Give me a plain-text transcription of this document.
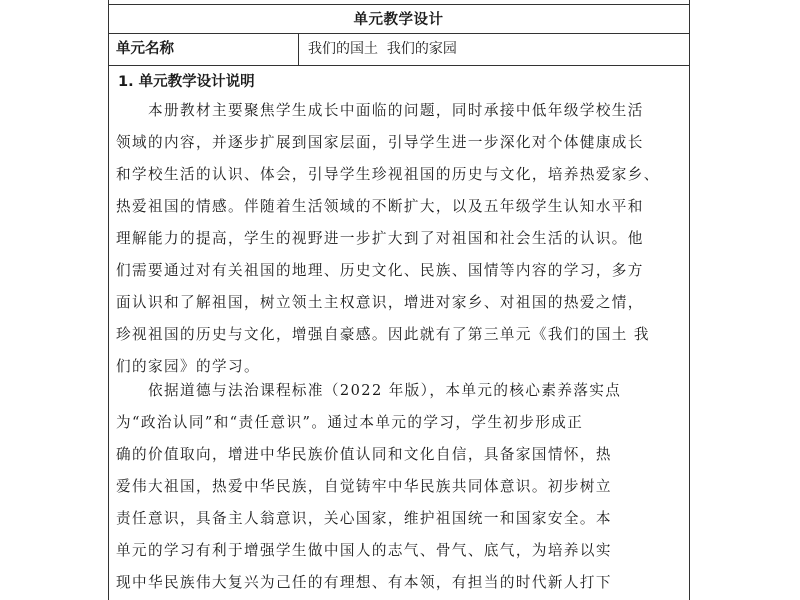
单元教学设计
单元名称	我们的国土  我们的家园
1. 单元教学设计说明
　　本册教材主要聚焦学生成长中面临的问题，同时承接中低年级学校生活
领域的内容，并逐步扩展到国家层面，引导学生进一步深化对个体健康成长
和学校生活的认识、体会，引导学生珍视祖国的历史与文化，培养热爱家乡、
热爱祖国的情感。伴随着生活领域的不断扩大，以及五年级学生认知水平和
理解能力的提高，学生的视野进一步扩大到了对祖国和社会生活的认识。他
们需要通过对有关祖国的地理、历史文化、民族、国情等内容的学习，多方
面认识和了解祖国，树立领土主权意识，增进对家乡、对祖国的热爱之情，
珍视祖国的历史与文化，增强自豪感。因此就有了第三单元《我们的国土 我
们的家园》的学习。
　　依据道德与法治课程标准（2022 年版），本单元的核心素养落实点
为“政治认同”和“责任意识”。通过本单元的学习，学生初步形成正
确的价值取向，增进中华民族价值认同和文化自信，具备家国情怀，热
爱伟大祖国，热爱中华民族，自觉铸牢中华民族共同体意识。初步树立
责任意识，具备主人翁意识，关心国家，维护祖国统一和国家安全。本
单元的学习有利于增强学生做中国人的志气、骨气、底气，为培养以实
现中华民族伟大复兴为己任的有理想、有本领，有担当的时代新人打下
